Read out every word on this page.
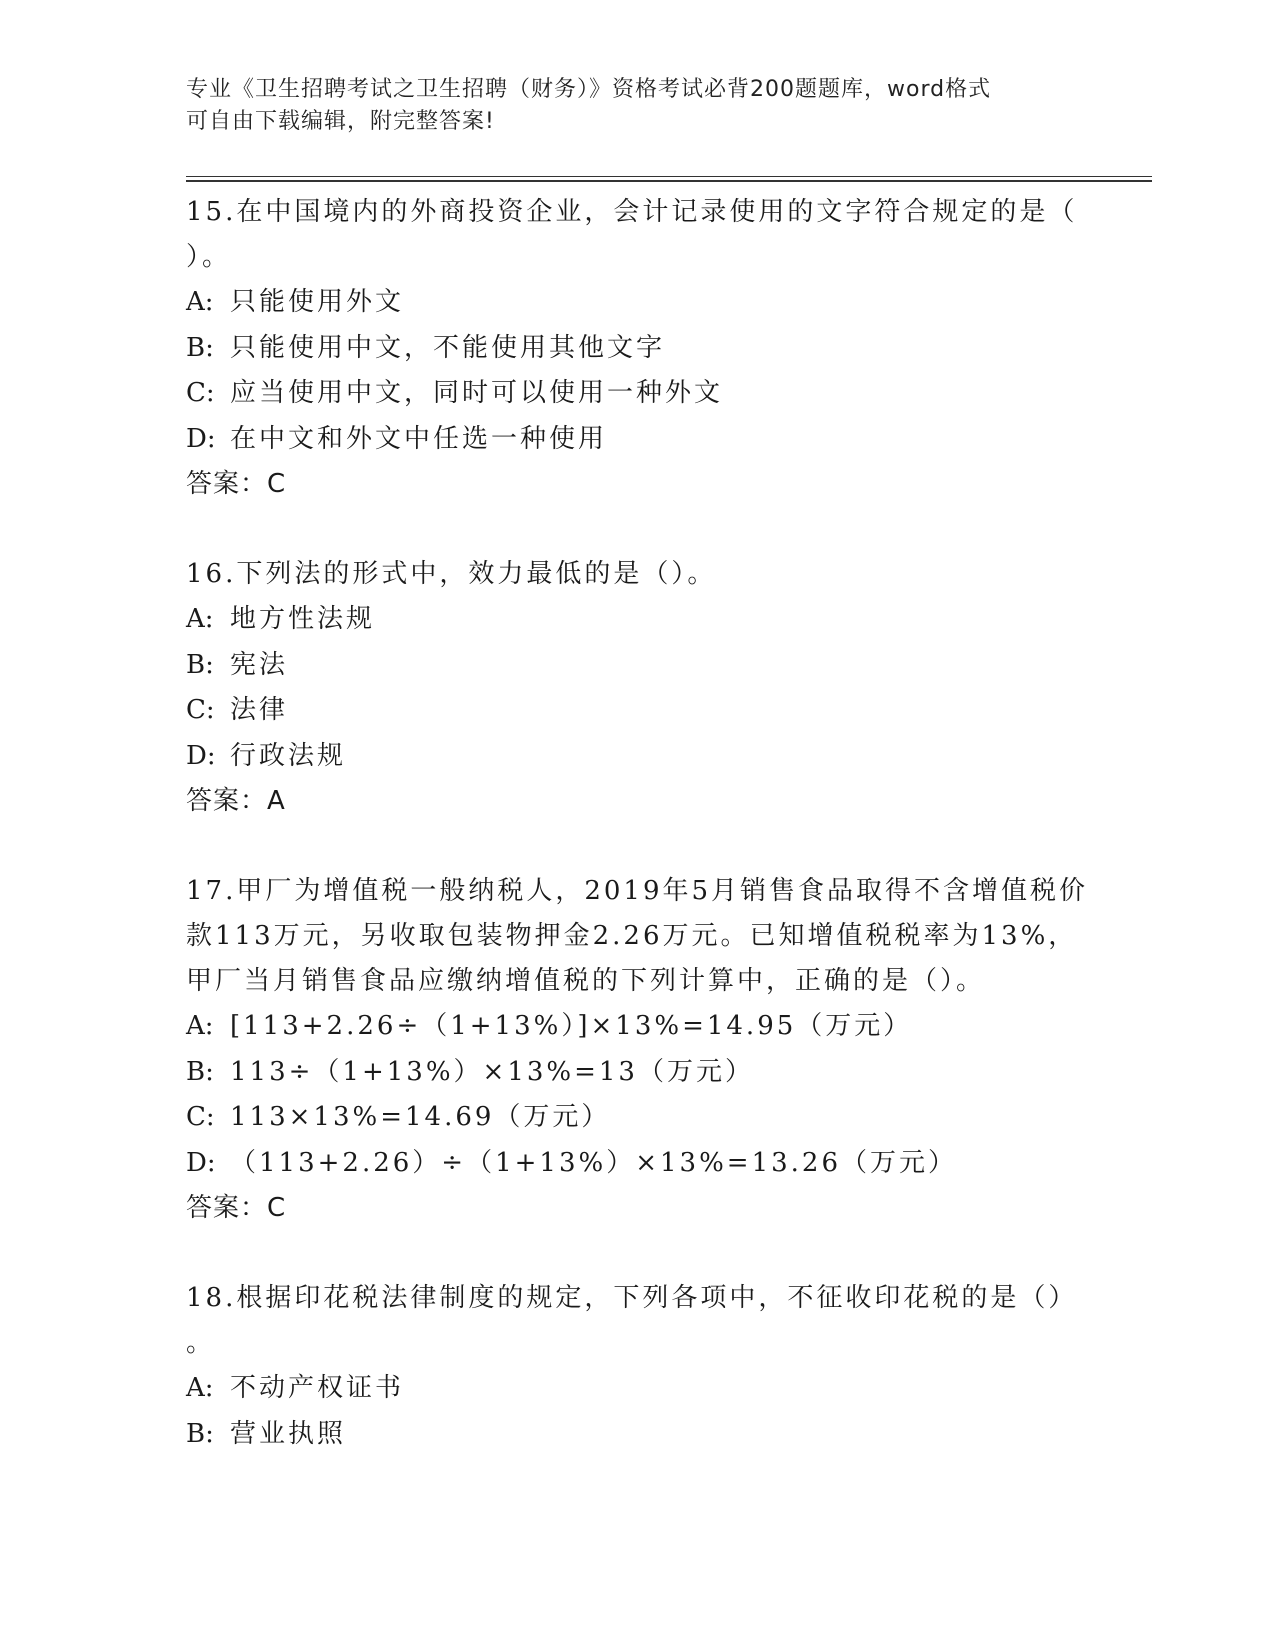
专业《卫生招聘考试之卫生招聘（财务）》资格考试必背200题题库，word格式
可自由下载编辑，附完整答案!
15.在中国境内的外商投资企业，会计记录使用的文字符合规定的是（
）。
A: 只能使用外文
B: 只能使用中文，不能使用其他文字
C: 应当使用中文，同时可以使用一种外文
D: 在中文和外文中任选一种使用
答案：C
16.下列法的形式中，效力最低的是（）。
A: 地方性法规
B: 宪法
C: 法律
D: 行政法规
答案：A
17.甲厂为增值税一般纳税人，2019年5月销售食品取得不含增值税价
款113万元，另收取包装物押金2.26万元。已知增值税税率为13%，
甲厂当月销售食品应缴纳增值税的下列计算中，正确的是（）。
A: [113+2.26÷（1+13%）]×13%=14.95（万元）
B: 113÷（1+13%）×13%=13（万元）
C: 113×13%=14.69（万元）
D: （113+2.26）÷（1+13%）×13%=13.26（万元）
答案：C
18.根据印花税法律制度的规定，下列各项中，不征收印花税的是（）
。
A: 不动产权证书
B: 营业执照
